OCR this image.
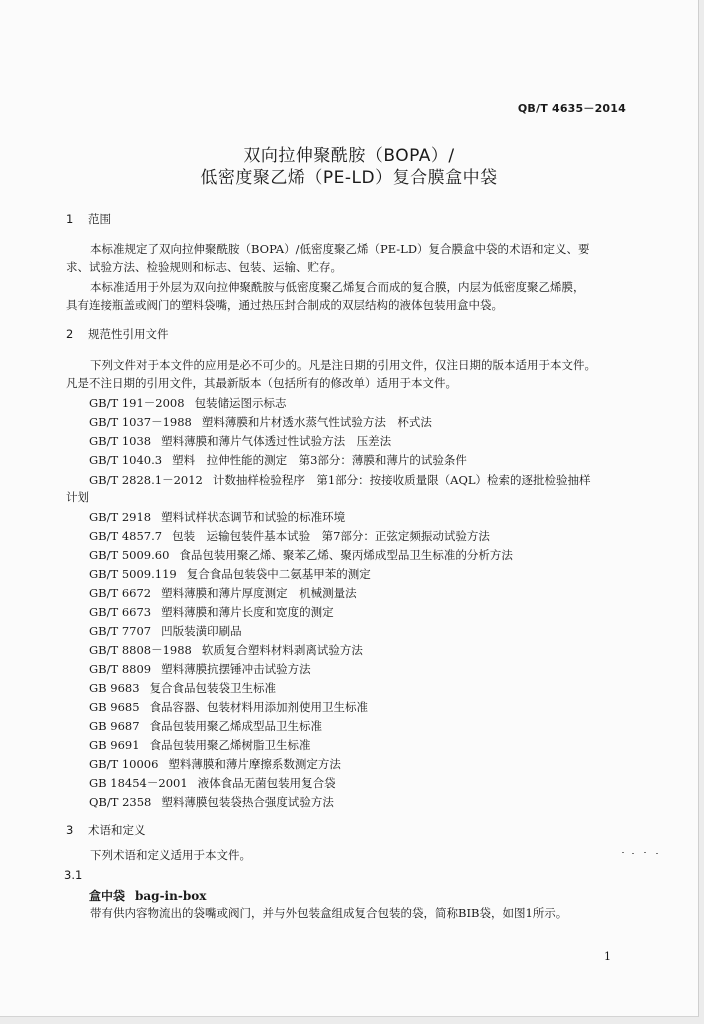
QB/T 4635－2014
双向拉伸聚酰胺（BOPA）/
低密度聚乙烯（PE-LD）复合膜盒中袋
1 范围
本标准规定了双向拉伸聚酰胺（BOPA）/低密度聚乙烯（PE-LD）复合膜盒中袋的术语和定义、要
求、试验方法、检验规则和标志、包装、运输、贮存。
本标准适用于外层为双向拉伸聚酰胺与低密度聚乙烯复合而成的复合膜，内层为低密度聚乙烯膜，
具有连接瓶盖或阀门的塑料袋嘴，通过热压封合制成的双层结构的液体包装用盒中袋。
2 规范性引用文件
下列文件对于本文件的应用是必不可少的。凡是注日期的引用文件，仅注日期的版本适用于本文件。
凡是不注日期的引用文件，其最新版本（包括所有的修改单）适用于本文件。
GB/T 191－2008 包装储运图示标志
GB/T 1037－1988 塑料薄膜和片材透水蒸气性试验方法　杯式法
GB/T 1038 塑料薄膜和薄片气体透过性试验方法　压差法
GB/T 1040.3 塑料　拉伸性能的测定　第3部分：薄膜和薄片的试验条件
GB/T 2828.1－2012 计数抽样检验程序　第1部分：按接收质量限（AQL）检索的逐批检验抽样
计划
GB/T 2918 塑料试样状态调节和试验的标准环境
GB/T 4857.7 包装　运输包装件基本试验　第7部分：正弦定频振动试验方法
GB/T 5009.60 食品包装用聚乙烯、聚苯乙烯、聚丙烯成型品卫生标准的分析方法
GB/T 5009.119 复合食品包装袋中二氨基甲苯的测定
GB/T 6672 塑料薄膜和薄片厚度测定　机械测量法
GB/T 6673 塑料薄膜和薄片长度和宽度的测定
GB/T 7707 凹版装潢印刷品
GB/T 8808－1988 软质复合塑料材料剥离试验方法
GB/T 8809 塑料薄膜抗摆锤冲击试验方法
GB 9683 复合食品包装袋卫生标准
GB 9685 食品容器、包装材料用添加剂使用卫生标准
GB 9687 食品包装用聚乙烯成型品卫生标准
GB 9691 食品包装用聚乙烯树脂卫生标准
GB/T 10006 塑料薄膜和薄片摩擦系数测定方法
GB 18454－2001 液体食品无菌包装用复合袋
QB/T 2358 塑料薄膜包装袋热合强度试验方法
3 术语和定义
下列术语和定义适用于本文件。
3.1
盒中袋 bag-in-box
带有供内容物流出的袋嘴或阀门，并与外包装盒组成复合包装的袋，简称BIB袋，如图1所示。
1
